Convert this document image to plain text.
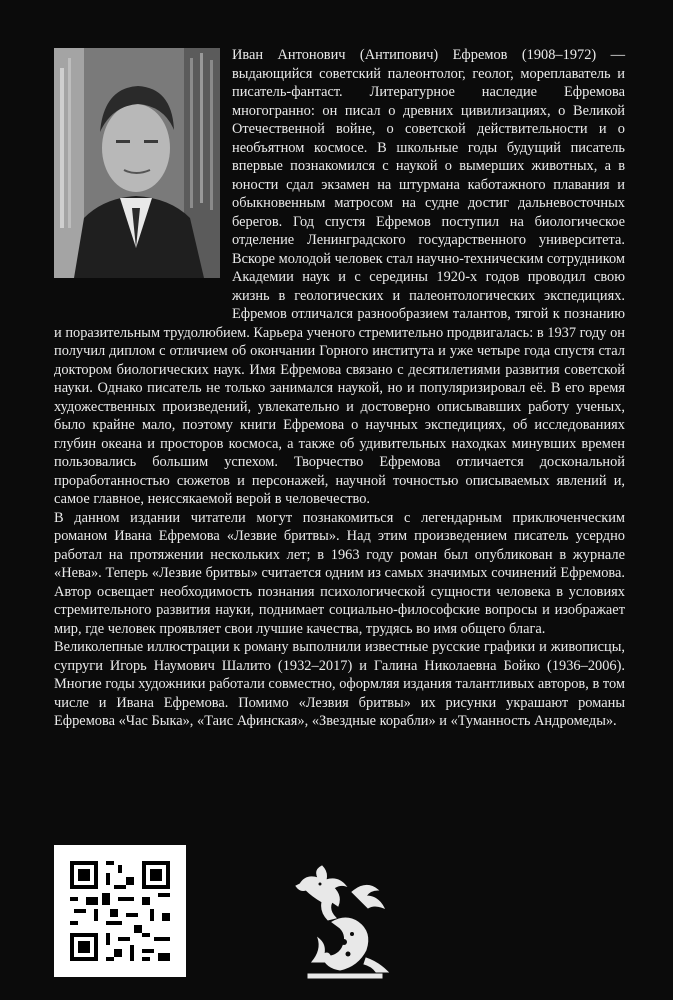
Иван Антонович (Антипович) Ефремов (1908–1972) — выдающийся советский палеонтолог, геолог, мореплаватель и писатель-фантаст. Литературное наследие Ефремова многогранно: он писал о древних цивилизациях, о Великой Отечественной войне, о советской действительности и о необъятном космосе. В школьные годы будущий писатель впервые познакомился с наукой о вымерших животных, а в юности сдал экзамен на штурмана каботажного плавания и обыкновенным матросом на судне достиг дальневосточных берегов. Год спустя Ефремов поступил на биологическое отделение Ленинградского государственного университета. Вскоре молодой человек стал научно-техническим сотрудником Академии наук и с середины 1920-х годов проводил свою жизнь в геологических и палеонтологических экспедициях. Ефремов отличался разнообразием талантов, тягой к познанию и поразительным трудолюбием. Карьера ученого стремительно продвигалась: в 1937 году он получил диплом с отличием об окончании Горного института и уже четыре года спустя стал доктором биологических наук. Имя Ефремова связано с десятилетиями развития советской науки. Однако писатель не только занимался наукой, но и популяризировал её. В его время художественных произведений, увлекательно и достоверно описывавших работу ученых, было крайне мало, поэтому книги Ефремова о научных экспедициях, об исследованиях глубин океана и просторов космоса, а также об удивительных находках минувших времен пользовались большим успехом. Творчество Ефремова отличается доскональной проработанностью сюжетов и персонажей, научной точностью описываемых явлений и, самое главное, неиссякаемой верой в человечество.

В данном издании читатели могут познакомиться с легендарным приключенческим романом Ивана Ефремова «Лезвие бритвы». Над этим произведением писатель усердно работал на протяжении нескольких лет; в 1963 году роман был опубликован в журнале «Нева». Теперь «Лезвие бритвы» считается одним из самых значимых сочинений Ефремова. Автор освещает необходимость познания психологической сущности человека в условиях стремительного развития науки, поднимает социально-философские вопросы и изображает мир, где человек проявляет свои лучшие качества, трудясь во имя общего блага.

Великолепные иллюстрации к роману выполнили известные русские графики и живописцы, супруги Игорь Наумович Шалито (1932–2017) и Галина Николаевна Бойко (1936–2006). Многие годы художники работали совместно, оформляя издания талантливых авторов, в том числе и Ивана Ефремова. Помимо «Лезвия бритвы» их рисунки украшают романы Ефремова «Час Быка», «Таис Афинская», «Звездные корабли» и «Туманность Андромеды».
